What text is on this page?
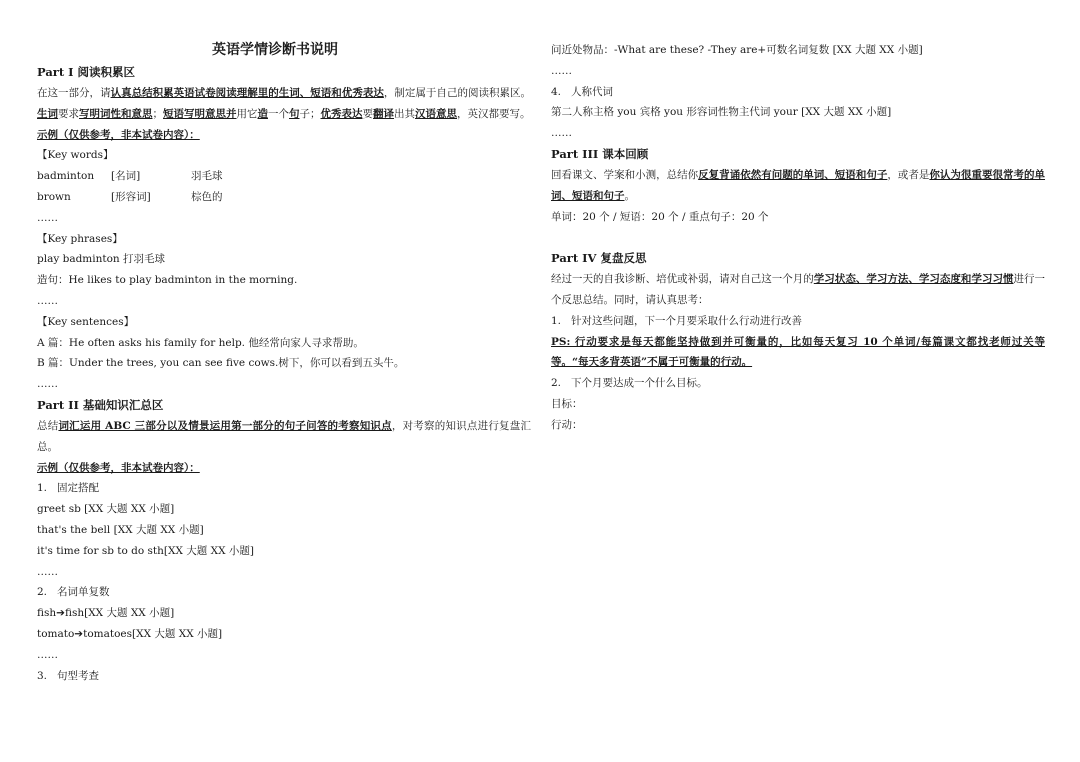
英语学情诊断书说明
Part I 阅读积累区
在这一部分，请认真总结积累英语试卷阅读理解里的生词、短语和优秀表达，制定属于自己的阅读积累区。生词要求写明词性和意思；短语写明意思并用它造一个句子；优秀表达要翻译出其汉语意思，英汉都要写。
示例（仅供参考，非本试卷内容）：
【Key words】
badminton [名词]	羽毛球
brown	[形容词]	棕色的
……
【Key phrases】
play badminton 打羽毛球
造句：He likes to play badminton in the morning.
……
【Key sentences】
A 篇：He often asks his family for help. 他经常向家人寻求帮助。
B 篇：Under the trees, you can see five cows.树下，你可以看到五头牛。
……
Part II 基础知识汇总区
总结词汇运用 ABC 三部分以及情景运用第一部分的句子问答的考察知识点，对考察的知识点进行复盘汇总。
示例（仅供参考，非本试卷内容）：
1. 固定搭配
greet sb [XX 大题 XX 小题]
that's the bell [XX 大题 XX 小题]
it's time for sb to do sth[XX 大题 XX 小题]
……
2. 名词单复数
fish➔fish[XX 大题 XX 小题]
tomato➔tomatoes[XX 大题 XX 小题]
……
3. 句型考查
问近处物品：-What are these? -They are+可数名词复数 [XX 大题 XX 小题]
……
4. 人称代词
第二人称主格 you 宾格 you 形容词性物主代词 your [XX 大题 XX 小题]
……
Part III 课本回顾
回看课文、学案和小测，总结你反复背诵依然有问题的单词、短语和句子，或者是你认为很重要很常考的单词、短语和句子。
单词：20 个 / 短语：20 个 / 重点句子：20 个
Part IV 复盘反思
经过一天的自我诊断、培优或补弱，请对自己这一个月的学习状态、学习方法、学习态度和学习习惯进行一个反思总结。同时，请认真思考：
1. 针对这些问题，下一个月要采取什么行动进行改善
PS: 行动要求是每天都能坚持做到并可衡量的，比如每天复习 10 个单词/每篇课文都找老师过关等等。“每天多背英语”不属于可衡量的行动。
2. 下个月要达成一个什么目标。
目标：
行动：
